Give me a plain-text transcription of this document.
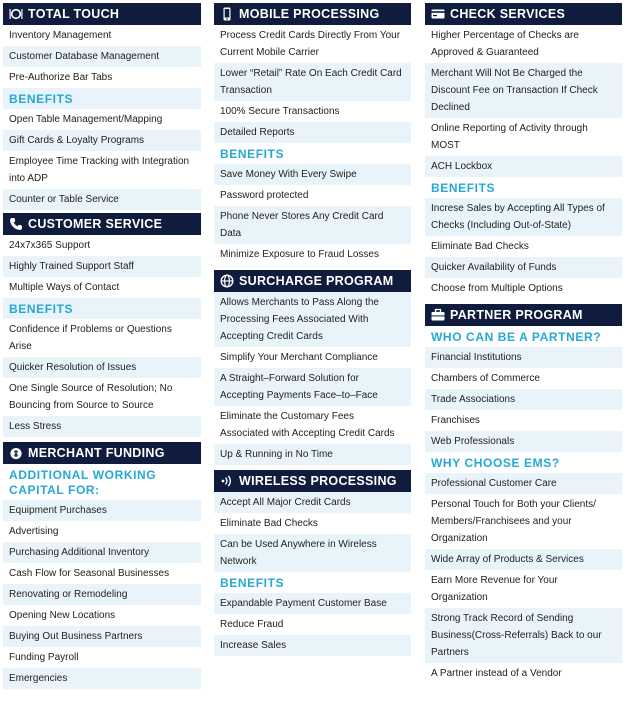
TOTAL TOUCH
Inventory Management
Customer Database Management
Pre-Authorize Bar Tabs
BENEFITS
Open Table Management/Mapping
Gift Cards & Loyalty Programs
Employee Time Tracking with Integration into ADP
Counter or Table Service
CUSTOMER SERVICE
24x7x365 Support
Highly Trained Support Staff
Multiple Ways of Contact
BENEFITS
Confidence if Problems or Questions Arise
Quicker Resolution of Issues
One Single Source of Resolution; No Bouncing from Source to Source
Less Stress
MERCHANT FUNDING
ADDITIONAL WORKING CAPITAL FOR:
Equipment Purchases
Advertising
Purchasing Additional Inventory
Cash Flow for Seasonal Businesses
Renovating or Remodeling
Opening New Locations
Buying Out Business Partners
Funding Payroll
Emergencies
MOBILE PROCESSING
Process Credit Cards Directly From Your Current Mobile Carrier
Lower “Retail” Rate On Each Credit Card Transaction
100% Secure Transactions
Detailed Reports
BENEFITS
Save Money With Every Swipe
Password protected
Phone Never Stores Any Credit Card Data
Minimize Exposure to Fraud Losses
SURCHARGE PROGRAM
Allows Merchants to Pass Along the Processing Fees Associated With Accepting Credit Cards
Simplify Your Merchant Compliance
A Straight–Forward Solution for Accepting Payments Face–to–Face
Eliminate the Customary Fees Associated with Accepting Credit Cards
Up & Running in No Time
WIRELESS PROCESSING
Accept All Major Credit Cards
Eliminate Bad Checks
Can be Used Anywhere in Wireless Network
BENEFITS
Expandable Payment Customer Base
Reduce Fraud
Increase Sales
CHECK SERVICES
Higher Percentage of Checks are Approved & Guaranteed
Merchant Will Not Be Charged the Discount Fee on Transaction If Check Declined
Online Reporting of Activity through MOST
ACH Lockbox
BENEFITS
Increse Sales by Accepting All Types of Checks (Including Out-of-State)
Eliminate Bad Checks
Quicker Availability of Funds
Choose from Multiple Options
PARTNER PROGRAM
WHO CAN BE A PARTNER?
Financial Institutions
Chambers of Commerce
Trade Associations
Franchises
Web Professionals
WHY CHOOSE EMS?
Professional Customer Care
Personal Touch for Both your Clients/ Members/Franchisees and your Organization
Wide Array of Products & Services
Earn More Revenue for Your Organization
Strong Track Record of Sending Business(Cross-Referrals) Back to our Partners
A Partner instead of a Vendor
